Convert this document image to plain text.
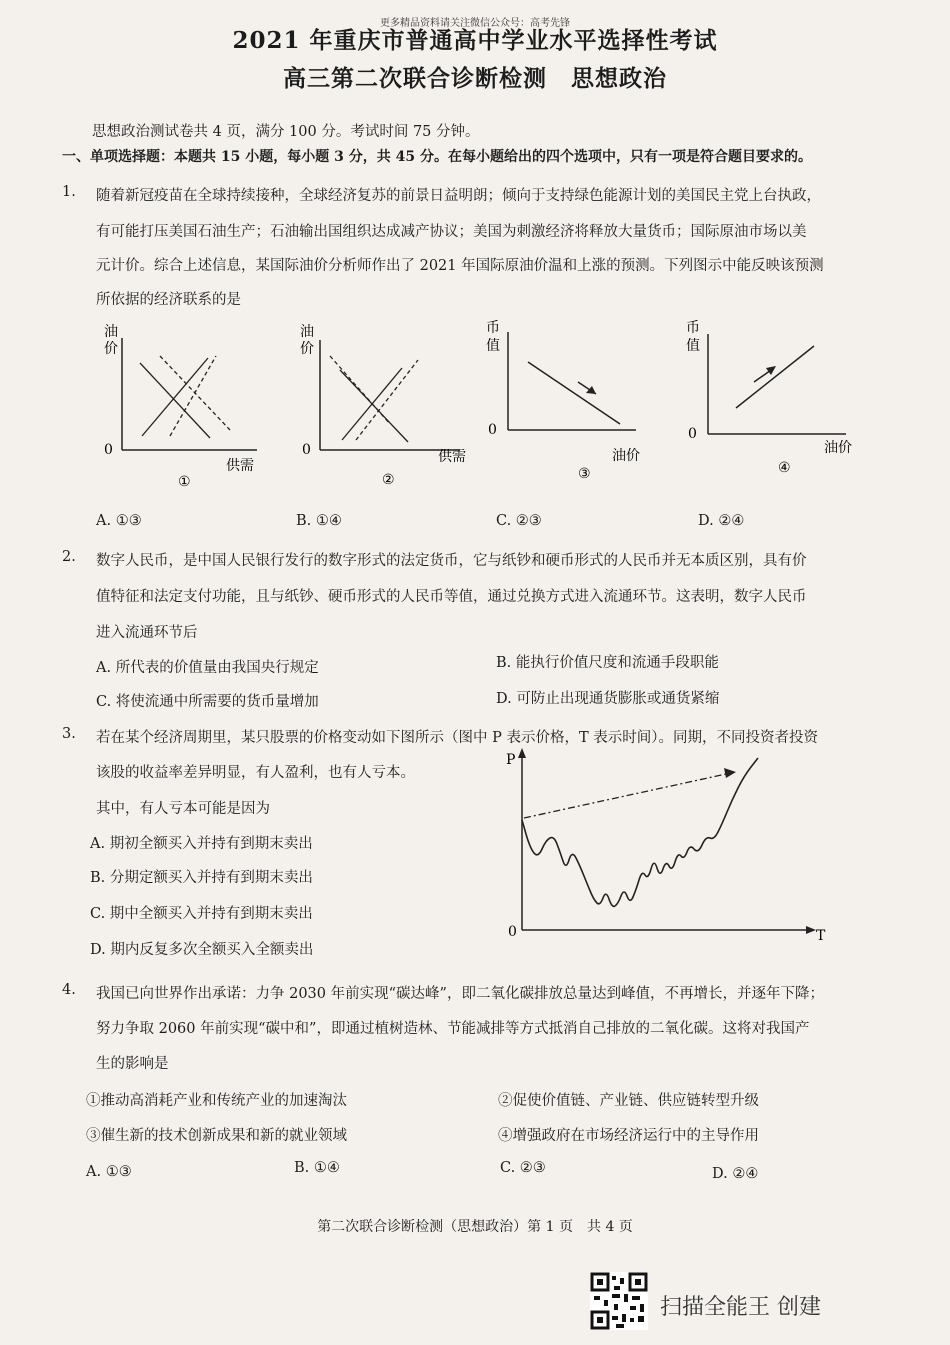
更多精品资料请关注微信公众号：高考先锋
2021 年重庆市普通高中学业水平选择性考试
高三第二次联合诊断检测　思想政治
思想政治测试卷共 4 页，满分 100 分。考试时间 75 分钟。
一、单项选择题：本题共 15 小题，每小题 3 分，共 45 分。在每小题给出的四个选项中，只有一项是符合题目要求的。
1. 随着新冠疫苗在全球持续接种，全球经济复苏的前景日益明朗；倾向于支持绿色能源计划的美国民主党上台执政，
有可能打压美国石油生产；石油输出国组织达成减产协议；美国为刺激经济将释放大量货币；国际原油市场以美
元计价。综合上述信息，某国际油价分析师作出了 2021 年国际原油价温和上涨的预测。下列图示中能反映该预测
所依据的经济联系的是
油
价
0
供需
①
油
价
0	供需
②
币
值
0
油价
③
币
值
0
油价
④
A. ①③	B. ①④	C. ②③	D. ②④
2. 数字人民币，是中国人民银行发行的数字形式的法定货币，它与纸钞和硬币形式的人民币并无本质区别，具有价
值特征和法定支付功能，且与纸钞、硬币形式的人民币等值，通过兑换方式进入流通环节。这表明，数字人民币
进入流通环节后
A. 所代表的价值量由我国央行规定	B. 能执行价值尺度和流通手段职能
C. 将使流通中所需要的货币量增加	D. 可防止出现通货膨胀或通货紧缩
3. 若在某个经济周期里，某只股票的价格变动如下图所示（图中 P 表示价格，T 表示时间）。同期，不同投资者投资
该股的收益率差异明显，有人盈利，也有人亏本。
其中，有人亏本可能是因为
A. 期初全额买入并持有到期末卖出
B. 分期定额买入并持有到期末卖出
C. 期中全额买入并持有到期末卖出
D. 期内反复多次全额买入全额卖出
P
0	T
4. 我国已向世界作出承诺：力争 2030 年前实现“碳达峰”，即二氧化碳排放总量达到峰值，不再增长，并逐年下降；
努力争取 2060 年前实现“碳中和”，即通过植树造林、节能减排等方式抵消自己排放的二氧化碳。这将对我国产
生的影响是
①推动高消耗产业和传统产业的加速淘汰	②促使价值链、产业链、供应链转型升级
③催生新的技术创新成果和新的就业领域	④增强政府在市场经济运行中的主导作用
A. ①③	B. ①④	C. ②③	D. ②④
第二次联合诊断检测（思想政治）第 1 页　共 4 页
扫描全能王 创建
